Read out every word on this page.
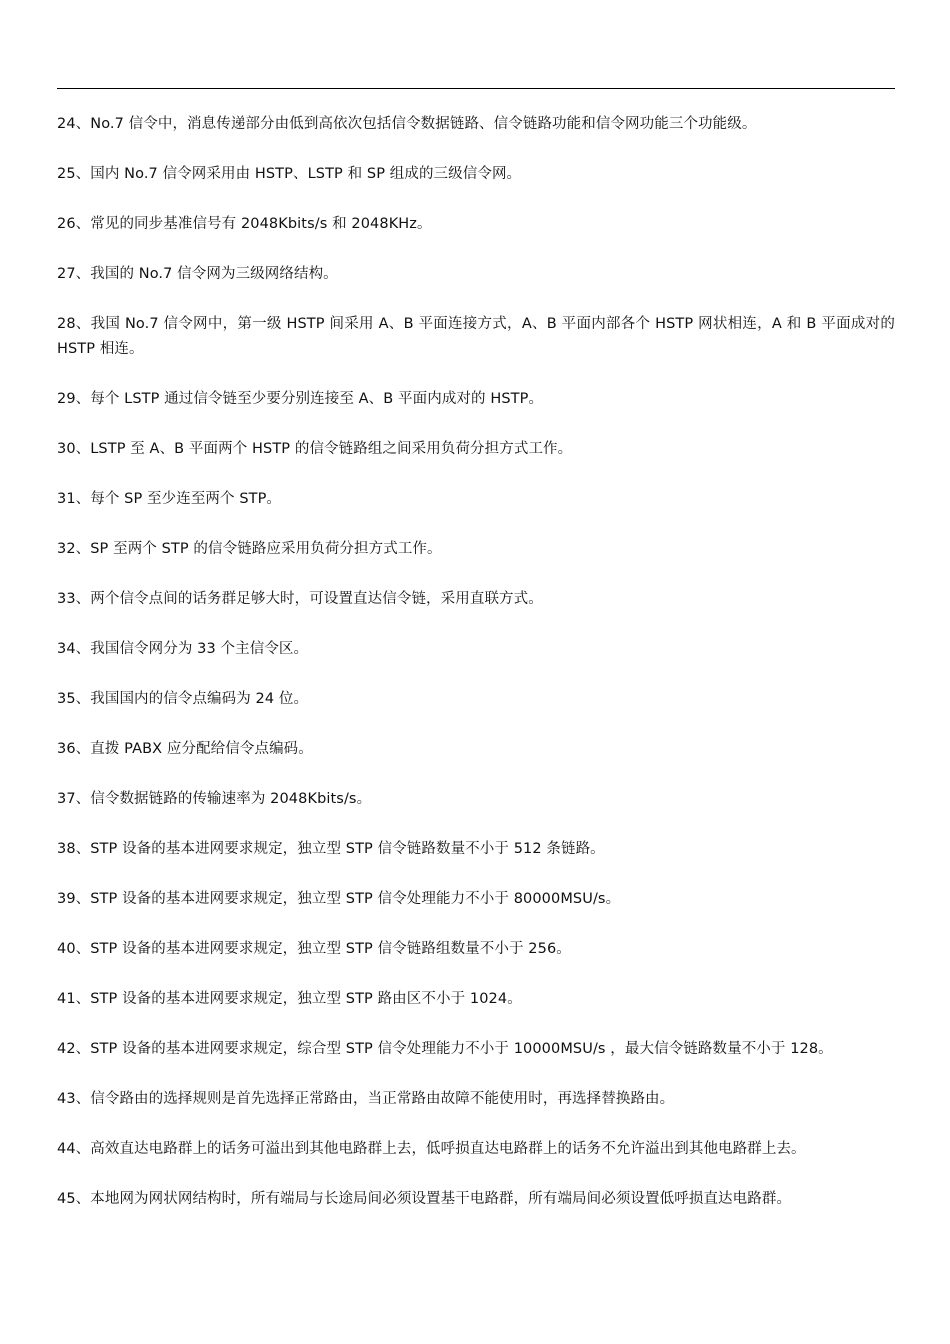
24、No.7 信令中，消息传递部分由低到高依次包括信令数据链路、信令链路功能和信令网功能三个功能级。

25、国内 No.7 信令网采用由 HSTP、LSTP 和 SP 组成的三级信令网。

26、常见的同步基准信号有 2048Kbits/s 和 2048KHz。

27、我国的 No.7 信令网为三级网络结构。

28、我国 No.7 信令网中，第一级 HSTP 间采用 A、B 平面连接方式，A、B 平面内部各个 HSTP 网状相连，A 和 B 平面成对的 HSTP 相连。

29、每个 LSTP 通过信令链至少要分别连接至 A、B 平面内成对的 HSTP。

30、LSTP 至 A、B 平面两个 HSTP 的信令链路组之间采用负荷分担方式工作。

31、每个 SP 至少连至两个 STP。

32、SP 至两个 STP 的信令链路应采用负荷分担方式工作。

33、两个信令点间的话务群足够大时，可设置直达信令链，采用直联方式。

34、我国信令网分为 33 个主信令区。

35、我国国内的信令点编码为 24 位。

36、直拨 PABX 应分配给信令点编码。

37、信令数据链路的传输速率为 2048Kbits/s。

38、STP 设备的基本进网要求规定，独立型 STP 信令链路数量不小于 512 条链路。

39、STP 设备的基本进网要求规定，独立型 STP 信令处理能力不小于 80000MSU/s。

40、STP 设备的基本进网要求规定，独立型 STP 信令链路组数量不小于 256。

41、STP 设备的基本进网要求规定，独立型 STP 路由区不小于 1024。

42、STP 设备的基本进网要求规定，综合型 STP 信令处理能力不小于 10000MSU/s ，最大信令链路数量不小于 128。

43、信令路由的选择规则是首先选择正常路由，当正常路由故障不能使用时，再选择替换路由。

44、高效直达电路群上的话务可溢出到其他电路群上去，低呼损直达电路群上的话务不允许溢出到其他电路群上去。

45、本地网为网状网结构时，所有端局与长途局间必须设置基干电路群，所有端局间必须设置低呼损直达电路群。
